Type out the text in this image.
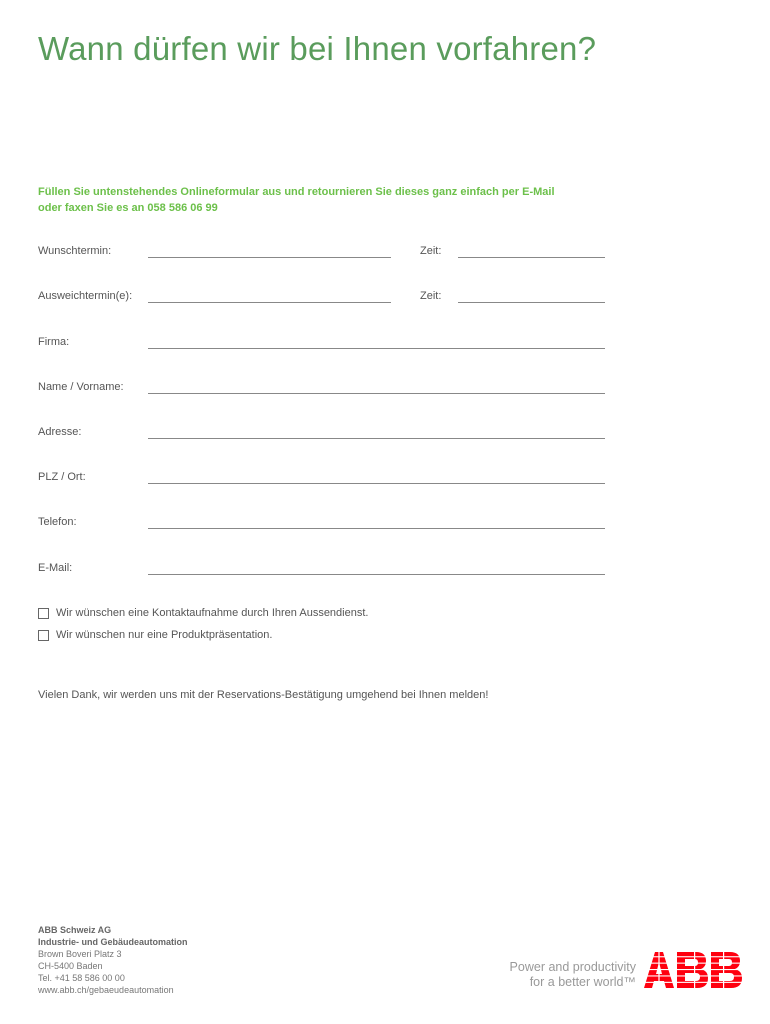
Wann dürfen wir bei Ihnen vorfahren?
Füllen Sie untenstehendes Onlineformular aus und retournieren Sie dieses ganz einfach per E-Mail
oder faxen Sie es an 058 586 06 99
Wunschtermin:	Zeit:
Ausweichtermin(e):	Zeit:
Firma:
Name / Vorname:
Adresse:
PLZ / Ort:
Telefon:
E-Mail:
Wir wünschen eine Kontaktaufnahme durch Ihren Aussendienst.
Wir wünschen nur eine Produktpräsentation.
Vielen Dank, wir werden uns mit der Reservations-Bestätigung umgehend bei Ihnen melden!
ABB Schweiz AG
Industrie- und Gebäudeautomation
Brown Boveri Platz 3
CH-5400 Baden
Tel. +41 58 586 00 00
www.abb.ch/gebaeudeautomation
Power and productivity
for a better world™
